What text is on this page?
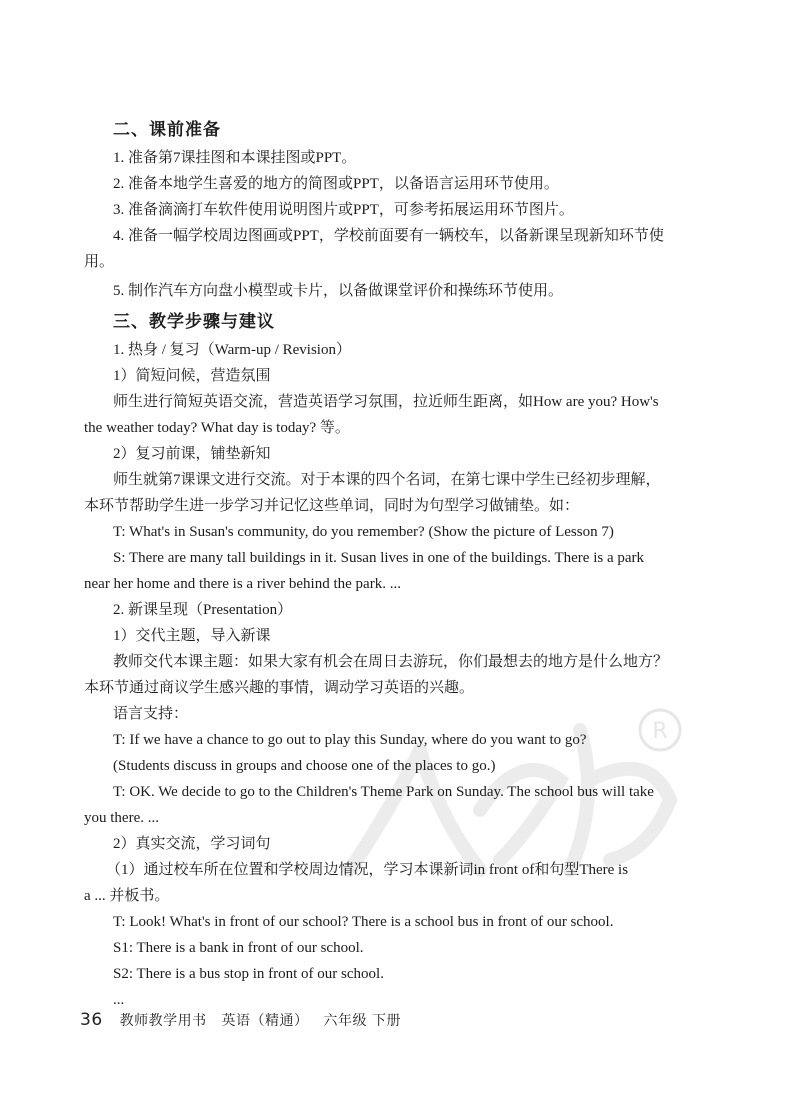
R
二、课前准备
1. 准备第7课挂图和本课挂图或PPT。
2. 准备本地学生喜爱的地方的简图或PPT，以备语言运用环节使用。
3. 准备滴滴打车软件使用说明图片或PPT，可参考拓展运用环节图片。
4. 准备一幅学校周边图画或PPT，学校前面要有一辆校车，以备新课呈现新知环节使
用。
5. 制作汽车方向盘小模型或卡片，以备做课堂评价和操练环节使用。
三、教学步骤与建议
1. 热身 / 复习（Warm-up / Revision）
1）简短问候，营造氛围
师生进行简短英语交流，营造英语学习氛围，拉近师生距离，如How are you? How's
the weather today? What day is today? 等。
2）复习前课，铺垫新知
师生就第7课课文进行交流。对于本课的四个名词，在第七课中学生已经初步理解，
本环节帮助学生进一步学习并记忆这些单词，同时为句型学习做铺垫。如：
T: What's in Susan's community, do you remember? (Show the picture of Lesson 7)
S: There are many tall buildings in it. Susan lives in one of the buildings. There is a park
near her home and there is a river behind the park. ...
2. 新课呈现（Presentation）
1）交代主题，导入新课
教师交代本课主题：如果大家有机会在周日去游玩，你们最想去的地方是什么地方？
本环节通过商议学生感兴趣的事情，调动学习英语的兴趣。
语言支持：
T: If we have a chance to go out to play this Sunday, where do you want to go?
(Students discuss in groups and choose one of the places to go.)
T: OK. We decide to go to the Children's Theme Park on Sunday. The school bus will take
you there. ...
2）真实交流，学习词句
（1）通过校车所在位置和学校周边情况，学习本课新词in front of和句型There is
a ... 并板书。
T: Look! What's in front of our school? There is a school bus in front of our school.
S1: There is a bank in front of our school.
S2: There is a bus stop in front of our school.
...
36 教师教学用书 英语（精通） 六年级 下册
